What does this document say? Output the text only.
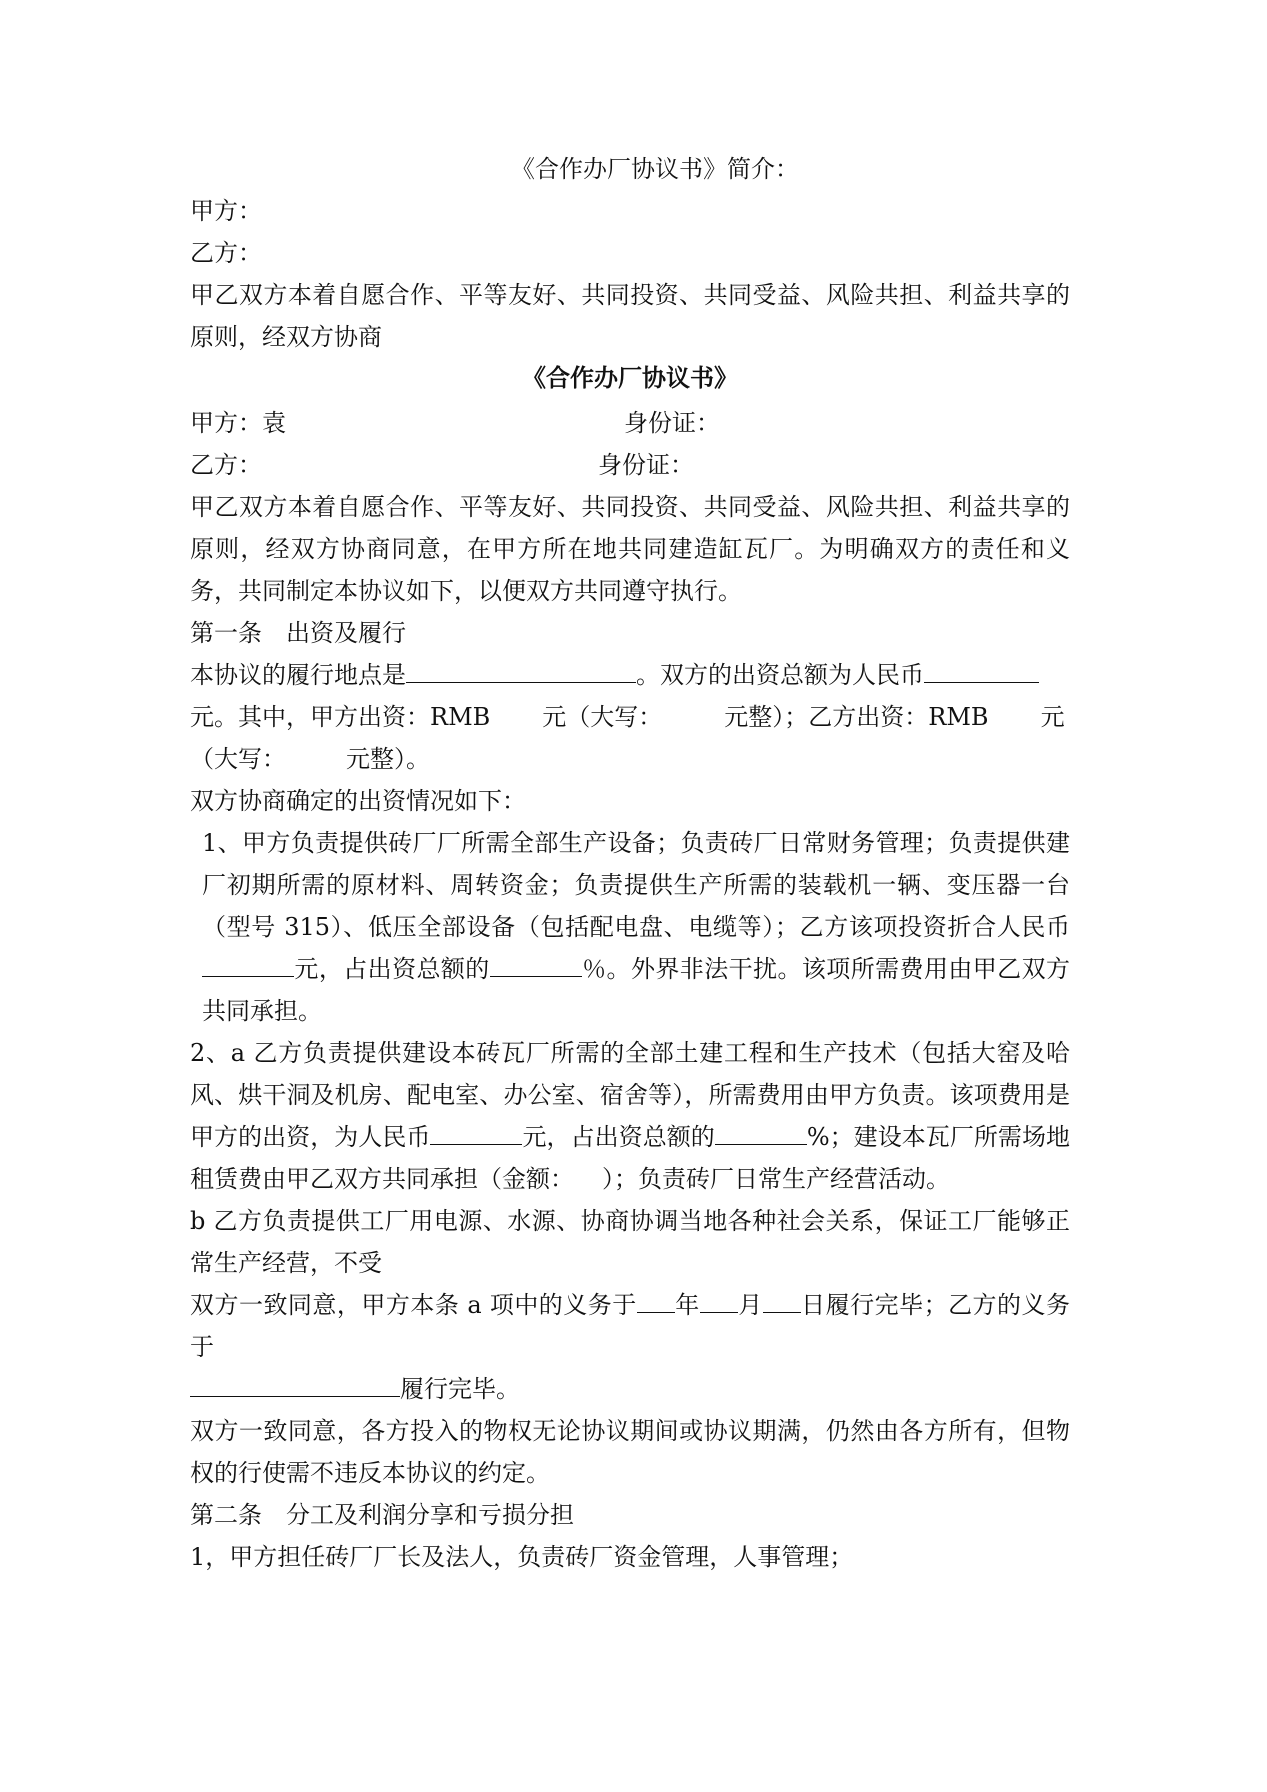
《合作办厂协议书》简介：

甲方：

乙方：

甲乙双方本着自愿合作、平等友好、共同投资、共同受益、风险共担、利益共享的原则，经双方协商

《合作办厂协议书》

甲方：袁	身份证：
乙方：	身份证：

甲乙双方本着自愿合作、平等友好、共同投资、共同受益、风险共担、利益共享的原则，经双方协商同意，在甲方所在地共同建造缸瓦厂。为明确双方的责任和义务，共同制定本协议如下，以便双方共同遵守执行。

第一条 出资及履行

本协议的履行地点是	。双方的出资总额为人民币

元。其中，甲方出资：RMB 元（大写：	元整）；乙方出资：RMB 元

（大写：	元整）。

双方协商确定的出资情况如下：

1、甲方负责提供砖厂厂所需全部生产设备；负责砖厂日常财务管理；负责提供建厂初期所需的原材料、周转资金；负责提供生产所需的装载机一辆、变压器一台（型号 315）、低压全部设备（包括配电盘、电缆等）；乙方该项投资折合人民币元，占出资总额的	％。外界非法干扰。该项所需费用由甲乙双方共同承担。

2、a 乙方负责提供建设本砖瓦厂所需的全部土建工程和生产技术（包括大窑及哈风、烘干洞及机房、配电室、办公室、宿舍等），所需费用由甲方负责。该项费用是甲方的出资，为人民币	元，占出资总额的	%；建设本瓦厂所需场地租赁费由甲乙双方共同承担（金额： ）；负责砖厂日常生产经营活动。

b 乙方负责提供工厂用电源、水源、协商协调当地各种社会关系，保证工厂能够正常生产经营，不受

双方一致同意，甲方本条 a 项中的义务于 年 月 日履行完毕；乙方的义务于

履行完毕。

双方一致同意，各方投入的物权无论协议期间或协议期满，仍然由各方所有，但物权的行使需不违反本协议的约定。

第二条 分工及利润分享和亏损分担

1，甲方担任砖厂厂长及法人，负责砖厂资金管理，人事管理；
